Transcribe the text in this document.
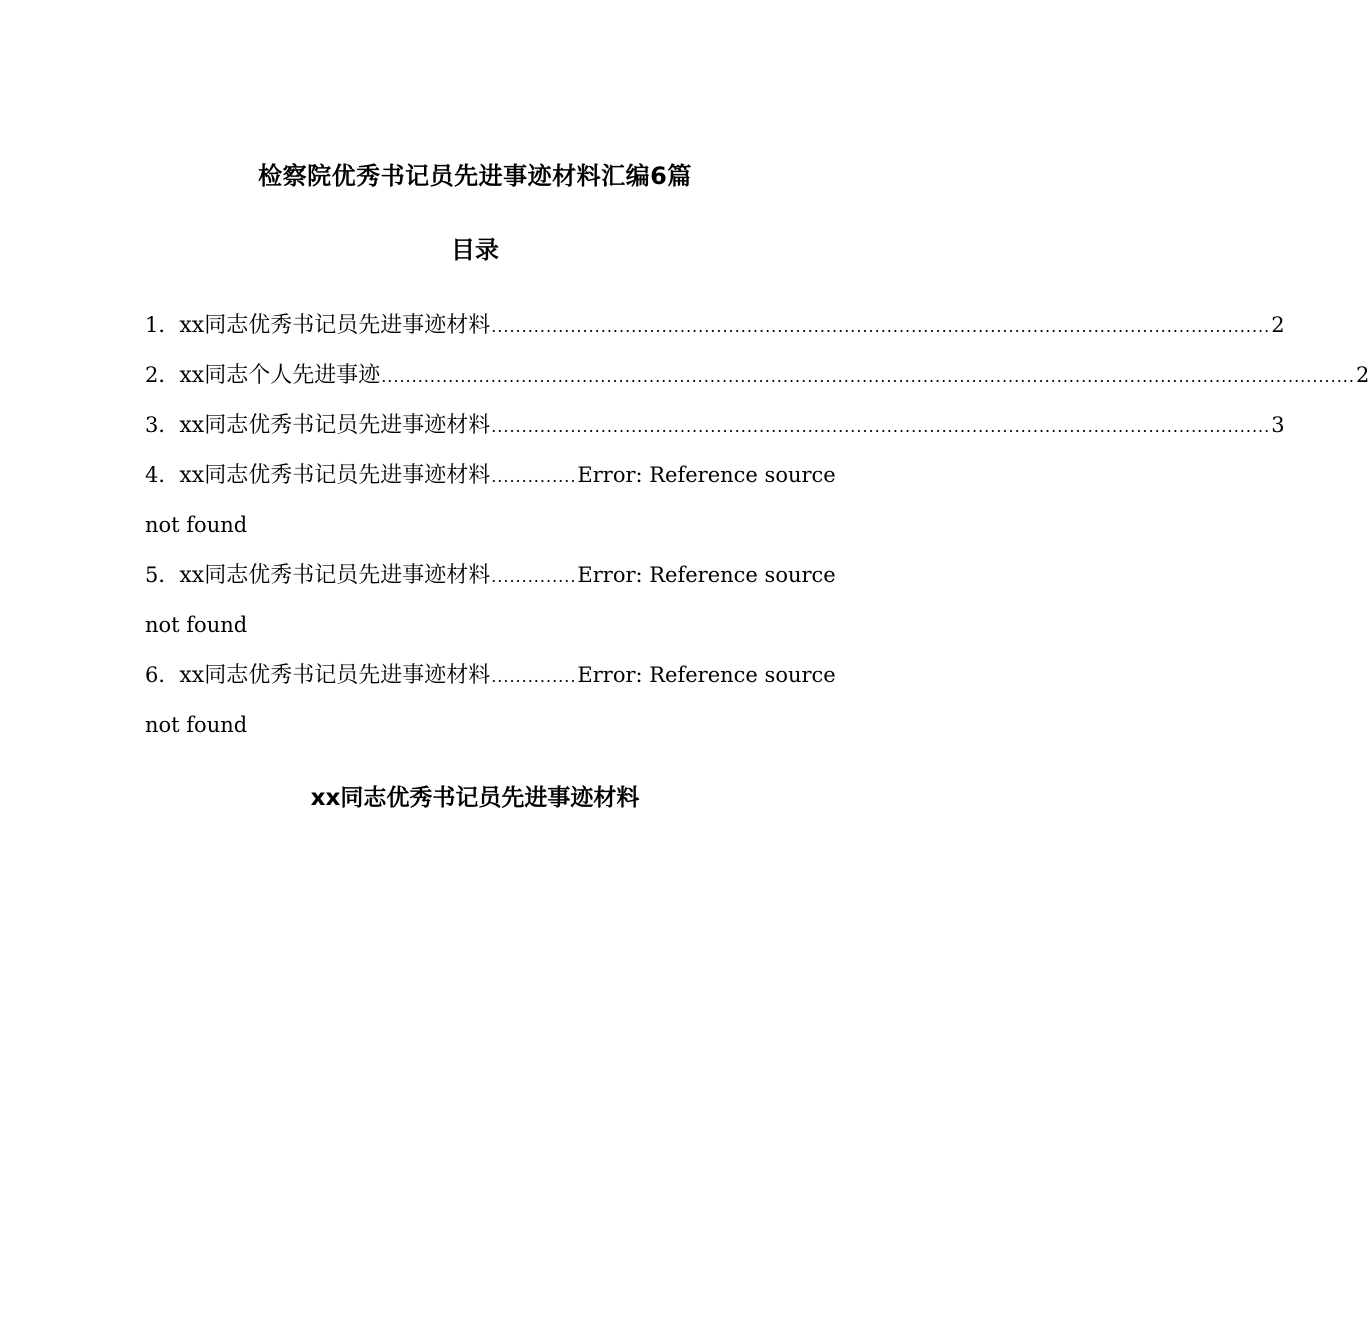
检察院优秀书记员先进事迹材料汇编6篇
目录
1． xx同志优秀书记员先进事迹材料 ................................................................................................................................ 2
2． xx同志个人先进事迹 ................................................................................................................................................................ 2
3． xx同志优秀书记员先进事迹材料 ................................................................................................................................ 3
4． xx同志优秀书记员先进事迹材料 .............. Error: Reference source
not found
5． xx同志优秀书记员先进事迹材料 .............. Error: Reference source
not found
6． xx同志优秀书记员先进事迹材料 .............. Error: Reference source
not found
xx同志优秀书记员先进事迹材料
